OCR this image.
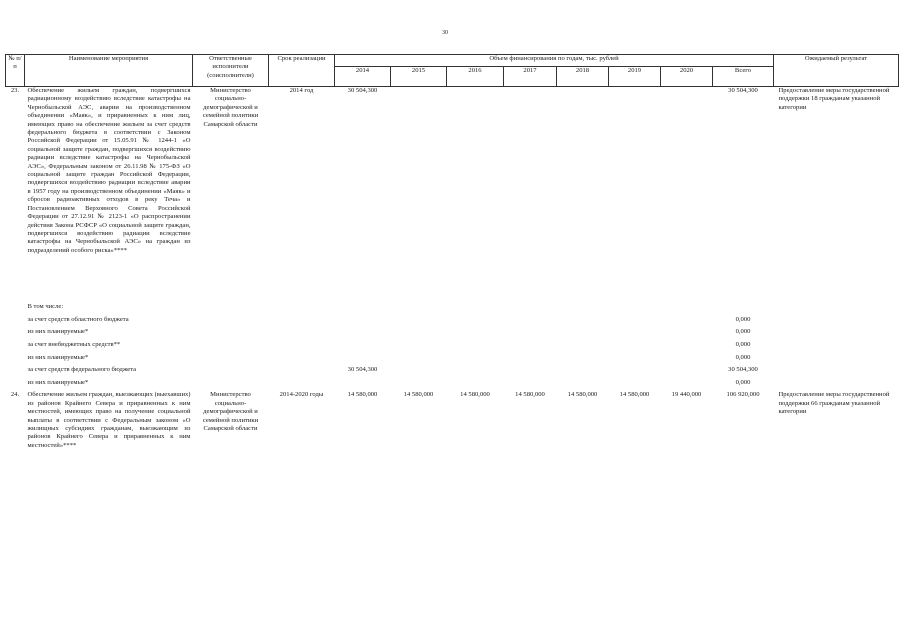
30
№ п/п	Наименование мероприятия	Ответственные исполнители (соисполнители)	Срок реализации	Объем финансирования по годам, тыс. рублей								Ожидаемый результат
				2014	2015	2016	2017	2018	2019	2020	Всего	
23.	Обеспечение жильем граждан, подвергшихся радиационному воздействию вследствие катастрофы на Чернобыльской АЭС, аварии на производственном объединении «Маяк», и приравненных к ним лиц, имеющих право на обеспечение жильем за счет средств федерального бюджета в соответствии с Законом Российской Федерации от 15.05.91 № 1244-1 «О социальной защите граждан, подвергшихся воздействию радиации вследствие катастрофы на Чернобыльской АЭС», Федеральным законом от 26.11.98 № 175-ФЗ «О социальной защите граждан Российской Федерации, подвергшихся воздействию радиации вследствие аварии в 1957 году на производственном объединении «Маяк» и сбросов радиоактивных отходов в реку Теча» и Постановлением Верховного Совета Российской Федерации от 27.12.91 № 2123-1 «О распространении действия Закона РСФСР «О социальной защите граждан, подвергшихся воздействию радиации вследствие катастрофы на Чернобыльской АЭС» на граждан из подразделений особого риска»****	Министерство социально-демографической и семейной политики Самарской области	2014 год	30 504,300							30 504,300	Предоставление меры государственной поддержки 18 гражданам указанной категории

	В том числе:											
	за счет средств областного бюджета										0,000	
	из них планируемые*										0,000	
	за счет внебюджетных средств**										0,000	
	из них планируемые*										0,000	
	за счет средств федерального бюджета			30 504,300							30 504,300	
	из них планируемые*										0,000	
24.	Обеспечение жильем граждан, выезжающих (выехавших) из районов Крайнего Севера и приравненных к ним местностей, имеющих право на получение социальной выплаты в соответствии с Федеральным законом «О жилищных субсидиях гражданам, выезжающим из районов Крайнего Севера и приравненных к ним местностей»****	Министерство социально-демографической и семейной политики Самарской области	2014-2020 годы	14 580,000	14 580,000	14 580,000	14 580,000	14 580,000	14 580,000	19 440,000	106 920,000	Предоставление меры государственной поддержки 66 гражданам указанной категории
